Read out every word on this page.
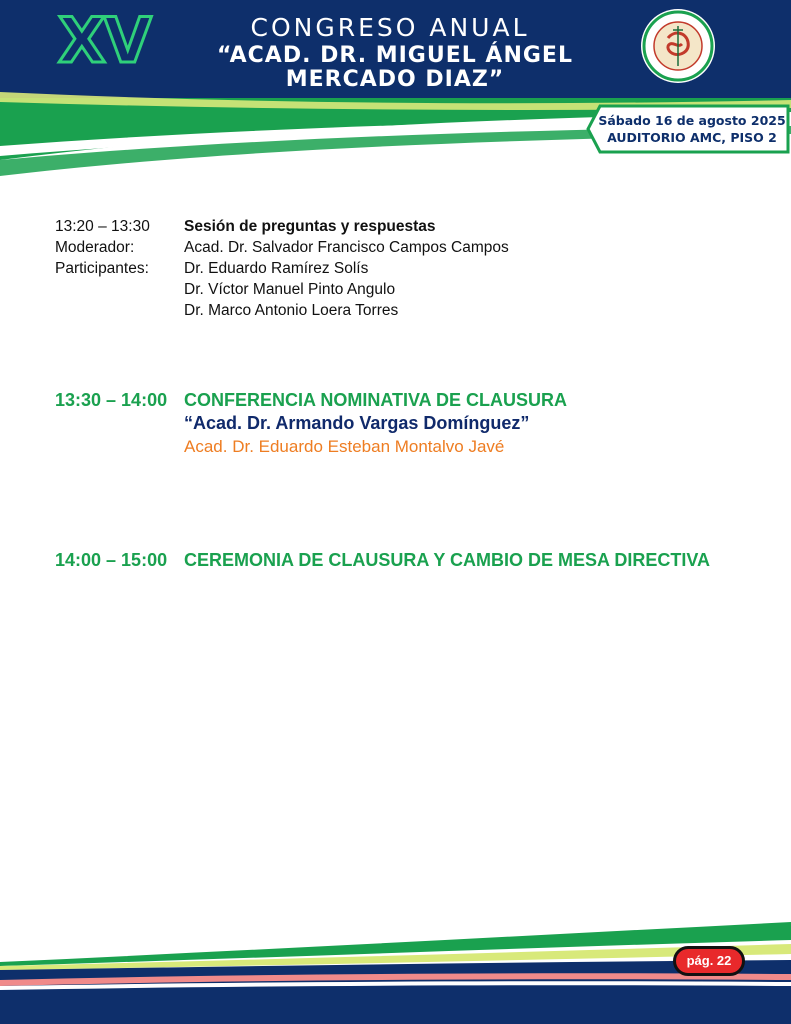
XV	CONGRESO ANUAL
“ACAD. DR. MIGUEL ÁNGEL MERCADO DIAZ”
Sábado 16 de agosto 2025
AUDITORIO AMC, PISO 2
13:20 – 13:30 Sesión de preguntas y respuestas
Moderador:	Acad. Dr. Salvador Francisco Campos Campos
Participantes: Dr. Eduardo Ramírez Solís
Dr. Víctor Manuel Pinto Angulo
Dr. Marco Antonio Loera Torres
13:30 – 14:00 CONFERENCIA NOMINATIVA DE CLAUSURA
“Acad. Dr. Armando Vargas Domínguez”
Acad. Dr. Eduardo Esteban Montalvo Javé
14:00 – 15:00 CEREMONIA DE CLAUSURA Y CAMBIO DE MESA DIRECTIVA
pág. 22
